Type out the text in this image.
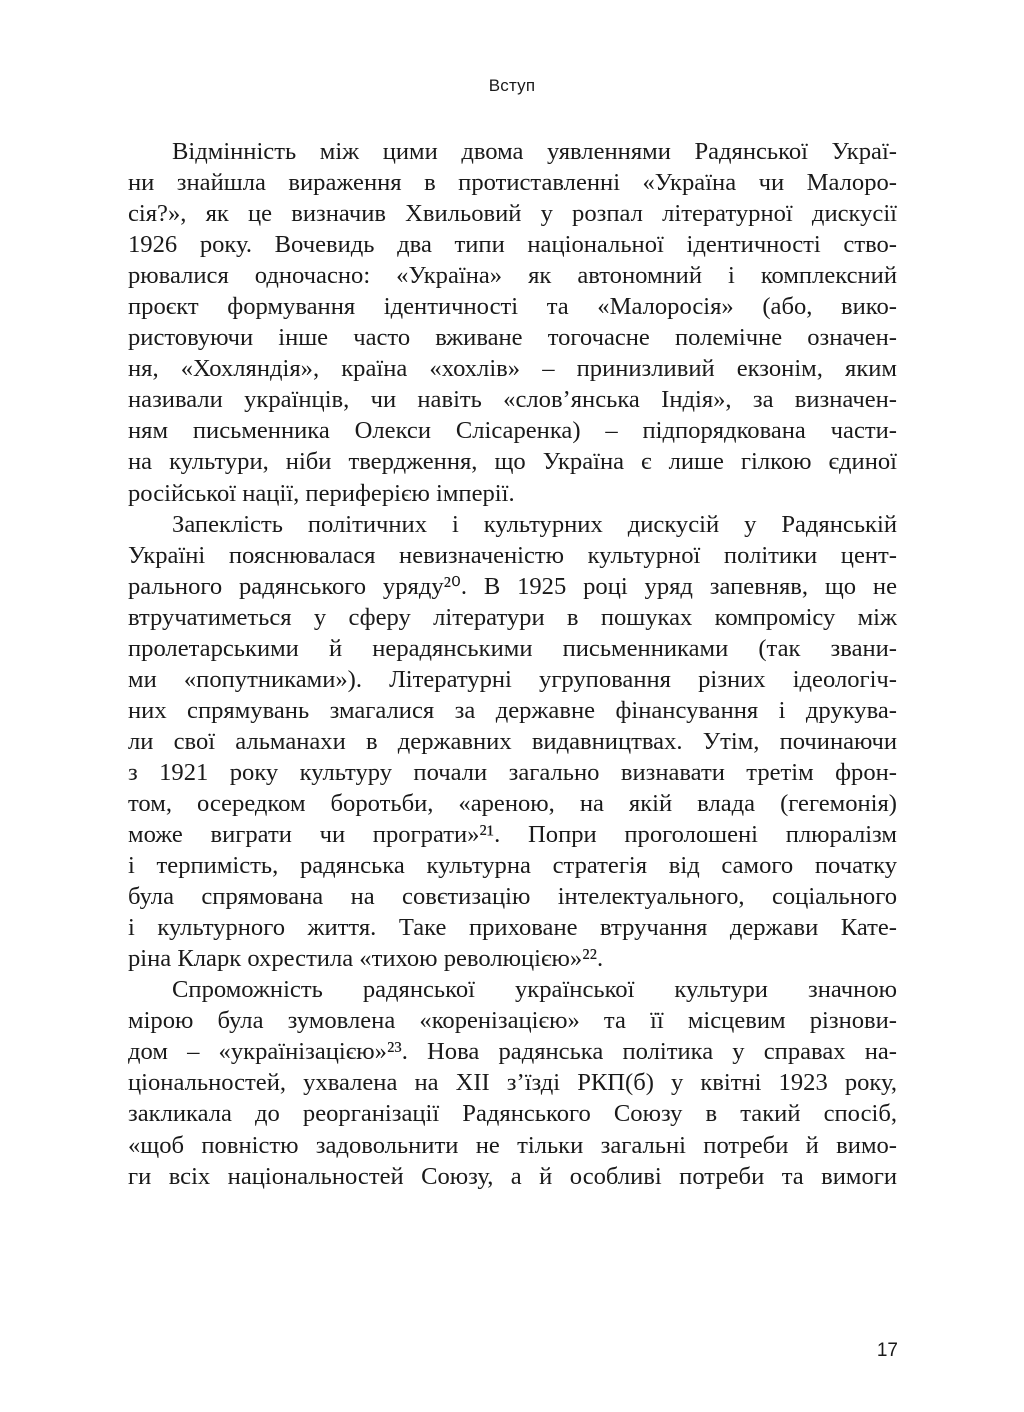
Вступ

Відмінність між цими двома уявленнями Радянської Украї-
ни знайшла вираження в протиставленні «Україна чи Малоро-
сія?», як це визначив Хвильовий у розпал літературної дискусії
1926 року. Вочевидь два типи національної ідентичності ство-
рювалися одночасно: «Україна» як автономний і комплексний
проєкт формування ідентичності та «Малоросія» (або, вико-
ристовуючи інше часто вживане тогочасне полемічне означен-
ня, «Хохляндія», країна «хохлів» – принизливий екзонім, яким
називали українців, чи навіть «слов’янська Індія», за визначен-
ням письменника Олекси Слісаренка) – підпорядкована части-
на культури, ніби твердження, що Україна є лише гілкою єдиної
російської нації, периферією імперії.

Запеклість політичних і культурних дискусій у Радянській
Україні пояснювалася невизначеністю культурної політики цент-
рального радянського уряду²⁰. В 1925 році уряд запевняв, що не
втручатиметься у сферу літератури в пошуках компромісу між
пролетарськими й нерадянськими письменниками (так звани-
ми «попутниками»). Літературні угруповання різних ідеологіч-
них спрямувань змагалися за державне фінансування і друкува-
ли свої альманахи в державних видавництвах. Утім, починаючи
з 1921 року культуру почали загально визнавати третім фрон-
том, осередком боротьби, «ареною, на якій влада (гегемонія)
може виграти чи програти»²¹. Попри проголошені плюралізм
і терпимість, радянська культурна стратегія від самого початку
була спрямована на совєтизацію інтелектуального, соціального
і культурного життя. Таке приховане втручання держави Кате-
ріна Кларк охрестила «тихою революцією»²².

Спроможність радянської української культури значною
мірою була зумовлена «коренізацією» та її місцевим різнови-
дом – «українізацією»²³. Нова радянська політика у справах на-
ціональностей, ухвалена на XII з’їзді РКП(б) у квітні 1923 року,
закликала до реорганізації Радянського Союзу в такий спосіб,
«щоб повністю задовольнити не тільки загальні потреби й вимо-
ги всіх національностей Союзу, а й особливі потреби та вимоги

17
